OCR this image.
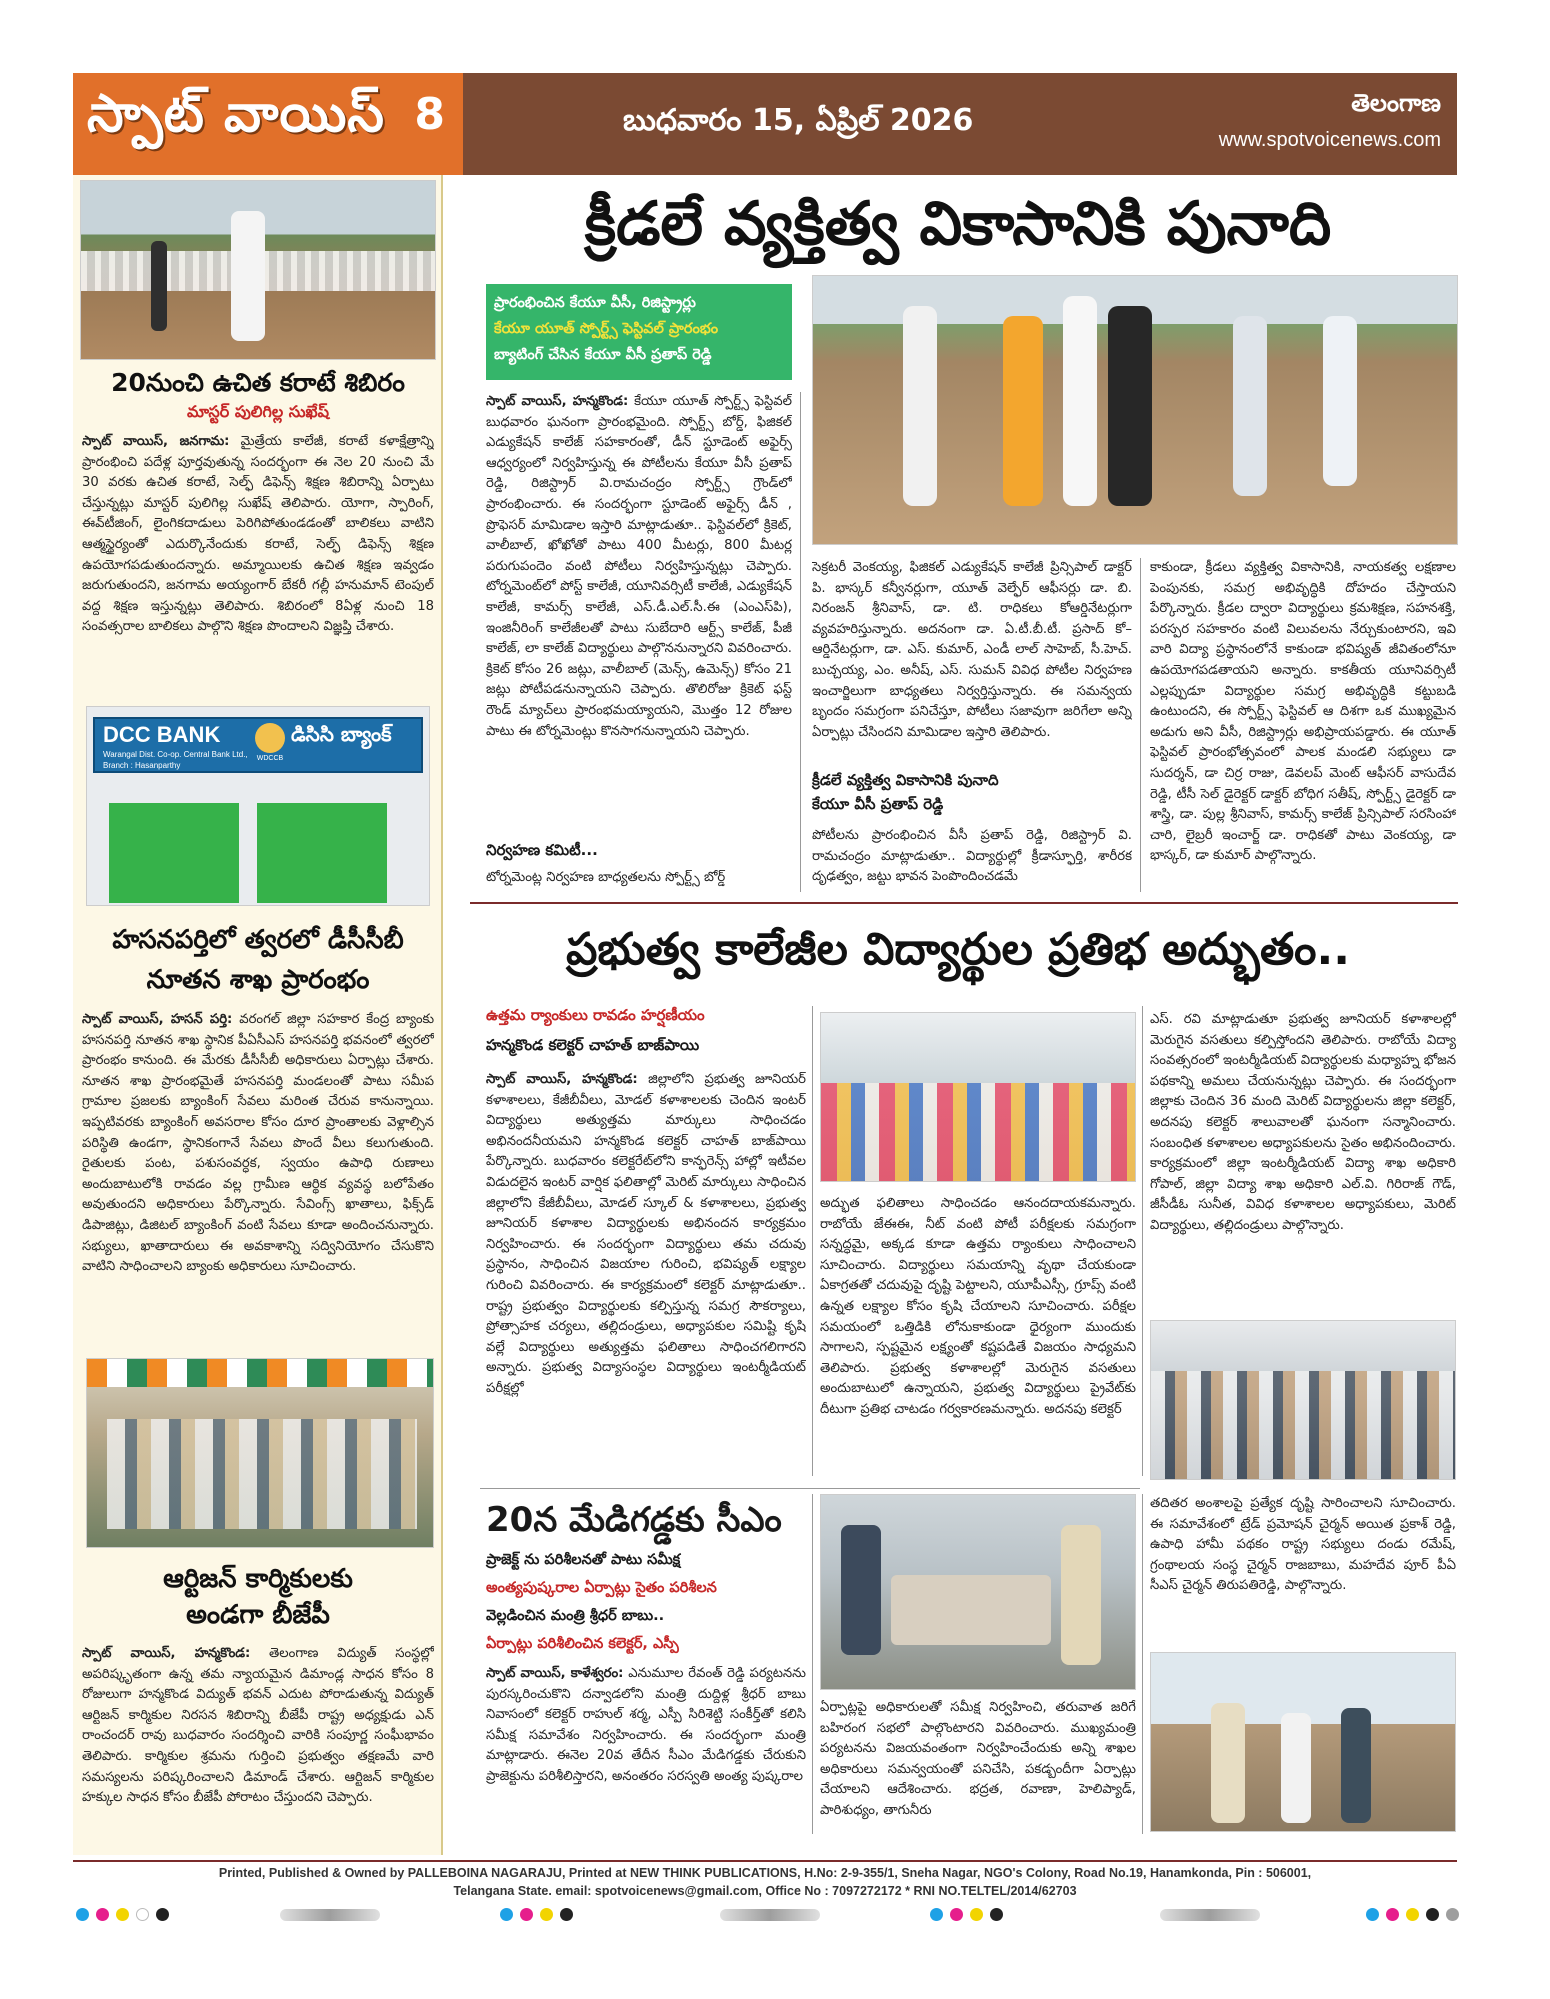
స్పాట్ వాయిస్ 8	బుధవారం 15, ఏప్రిల్ 2026	తెలంగాణ
www.spotvoicenews.com
20నుంచి ఉచిత కరాటే శిబిరం
మాస్టర్ పులిగిల్ల సుఖేష్
స్పాట్ వాయిస్, జనగామ: మైత్రేయ కాలేజీ, కరాటే కళాక్షేత్రాన్ని ప్రారంభించి పదేళ్ల పూర్తవుతున్న సందర్భంగా ఈ నెల 20 నుంచి మే 30 వరకు ఉచిత కరాటే, సెల్ఫ్ డిఫెన్స్ శిక్షణ శిబిరాన్ని ఏర్పాటు చేస్తున్నట్లు మాస్టర్ పులిగిల్ల సుఖేష్ తెలిపారు. యోగా, స్పారింగ్, ఈవ్‌టీజింగ్, లైంగికదాడులు పెరిగిపోతుండడంతో బాలికలు వాటిని ఆత్మస్థైర్యంతో ఎదుర్కొనేందుకు కరాటే, సెల్ఫ్ డిఫెన్స్ శిక్షణ ఉపయోగపడుతుందన్నారు. అమ్మాయిలకు ఉచిత శిక్షణ ఇవ్వడం జరుగుతుందని, జనగామ అయ్యంగార్ బేకరీ గల్లీ హనుమాన్ టెంపుల్ వద్ద శిక్షణ ఇస్తున్నట్లు తెలిపారు. శిబిరంలో 8ఏళ్ల నుంచి 18 సంవత్సరాల బాలికలు పాల్గొని శిక్షణ పొందాలని విజ్ఞప్తి చేశారు.
DCC BANK	డిసిసి బ్యాంక్
Warangal Dist. Co-op. Central Bank Ltd.,
Branch : Hasanparthy
WDCCB
హసనపర్తిలో త్వరలో డీసీసీబీ
నూతన శాఖ ప్రారంభం
స్పాట్ వాయిస్, హసన్ పర్తి: వరంగల్ జిల్లా సహకార కేంద్ర బ్యాంకు హసనపర్తి నూతన శాఖ స్థానిక పీఏసీఎస్ హసనపర్తి భవనంలో త్వరలో ప్రారంభం కానుంది. ఈ మేరకు డీసీసీబీ అధికారులు ఏర్పాట్లు చేశారు. నూతన శాఖ ప్రారంభమైతే హసనపర్తి మండలంతో పాటు సమీప గ్రామాల ప్రజలకు బ్యాంకింగ్ సేవలు మరింత చేరువ కానున్నాయి. ఇప్పటివరకు బ్యాంకింగ్ అవసరాల కోసం దూర ప్రాంతాలకు వెళ్లాల్సిన పరిస్థితి ఉండగా, స్థానికంగానే సేవలు పొందే వీలు కలుగుతుంది. రైతులకు పంట, పశుసంవర్ధక, స్వయం ఉపాధి రుణాలు అందుబాటులోకి రావడం వల్ల గ్రామీణ ఆర్థిక వ్యవస్థ బలోపేతం అవుతుందని అధికారులు పేర్కొన్నారు. సేవింగ్స్ ఖాతాలు, ఫిక్స్‌డ్ డిపాజిట్లు, డిజిటల్ బ్యాంకింగ్ వంటి సేవలు కూడా అందించనున్నారు. సభ్యులు, ఖాతాదారులు ఈ అవకాశాన్ని సద్వినియోగం చేసుకొని వాటిని సాధించాలని బ్యాంకు అధికారులు సూచించారు.
ఆర్టిజన్ కార్మికులకు
అండగా బీజేపీ
స్పాట్ వాయిస్, హన్మకొండ: తెలంగాణ విద్యుత్ సంస్థల్లో అపరిష్కృతంగా ఉన్న తమ న్యాయమైన డిమాండ్ల సాధన కోసం 8 రోజులుగా హన్మకొండ విద్యుత్ భవన్ ఎదుట పోరాడుతున్న విద్యుత్ ఆర్టిజన్ కార్మికుల నిరసన శిబిరాన్ని బీజేపీ రాష్ట్ర అధ్యక్షుడు ఎన్ రాంచందర్ రావు బుధవారం సందర్శించి వారికి సంపూర్ణ సంఘీభావం తెలిపారు. కార్మికుల శ్రమను గుర్తించి ప్రభుత్వం తక్షణమే వారి సమస్యలను పరిష్కరించాలని డిమాండ్ చేశారు. ఆర్టిజన్ కార్మికుల హక్కుల సాధన కోసం బీజేపీ పోరాటం చేస్తుందని చెప్పారు.
క్రీడలే వ్యక్తిత్వ వికాసానికి పునాది
ప్రారంభించిన కేయూ వీసీ, రిజిస్ట్రార్లు
కేయూ యూత్ స్పోర్ట్స్ ఫెస్టివల్ ప్రారంభం
బ్యాటింగ్ చేసిన కేయూ వీసీ ప్రతాప్ రెడ్డి
స్పాట్ వాయిస్, హన్మకొండ: కేయూ యూత్ స్పోర్ట్స్ ఫెస్టివల్ బుధవారం ఘనంగా ప్రారంభమైంది. స్పోర్ట్స్ బోర్డ్, ఫిజికల్ ఎడ్యుకేషన్ కాలేజ్ సహకారంతో, డీన్ స్టూడెంట్ అఫైర్స్ ఆధ్వర్యంలో నిర్వహిస్తున్న ఈ పోటీలను కేయూ వీసీ ప్రతాప్ రెడ్డి, రిజిస్ట్రార్ వి.రామచంద్రం స్పోర్ట్స్ గ్రౌండ్‌లో ప్రారంభించారు. ఈ సందర్భంగా స్టూడెంట్ అఫైర్స్ డీన్ , ప్రొఫెసర్ మామిడాల ఇస్తారి మాట్లాడుతూ.. ఫెస్టివల్‌లో క్రికెట్, వాలీబాల్, ఖోఖోతో పాటు 400 మీటర్లు, 800 మీటర్ల పరుగుపందెం వంటి పోటీలు నిర్వహిస్తున్నట్లు చెప్పారు. టోర్నమెంట్‌లో పోస్ట్ కాలేజీ, యూనివర్సిటీ కాలేజీ, ఎడ్యుకేషన్ కాలేజీ, కామర్స్ కాలేజీ, ఎస్.డీ.ఎల్.సీ.ఈ (ఎంఎస్‌పి), ఇంజినీరింగ్ కాలేజీలతో పాటు సుబేదారి ఆర్ట్స్ కాలేజ్, పీజీ కాలేజ్, లా కాలేజ్ విద్యార్థులు పాల్గొననున్నారని వివరించారు. క్రికెట్ కోసం 26 జట్లు, వాలీబాల్ (మెన్స్, ఉమెన్స్) కోసం 21 జట్లు పోటీపడనున్నాయని చెప్పారు. తొలిరోజు క్రికెట్ ఫస్ట్ రౌండ్ మ్యాచ్‌లు ప్రారంభమయ్యాయని, మొత్తం 12 రోజుల పాటు ఈ టోర్నమెంట్లు కొనసాగనున్నాయని చెప్పారు.
నిర్వహణ కమిటీ...
టోర్నమెంట్ల నిర్వహణ బాధ్యతలను స్పోర్ట్స్ బోర్డ్
సెక్రటరీ వెంకయ్య, ఫిజికల్ ఎడ్యుకేషన్ కాలేజీ ప్రిన్సిపాల్ డాక్టర్ పి. భాస్కర్ కన్వీనర్లుగా, యూత్ వెల్ఫేర్ ఆఫీసర్లు డా. బి. నిరంజన్ శ్రీనివాస్, డా. టి. రాధికలు కోఆర్డినేటర్లుగా వ్యవహరిస్తున్నారు. అదనంగా డా. ఏ.టీ.బీ.టీ. ప్రసాద్ కో–ఆర్డినేటర్లుగా, డా. ఎస్. కుమార్, ఎండీ లాల్ సాహెబ్, సీ.హెచ్. బుచ్చయ్య, ఎం. అనీష్, ఎస్. సుమన్ వివిధ పోటీల నిర్వహణ ఇంచార్జిలుగా బాధ్యతలు నిర్వర్తిస్తున్నారు. ఈ సమన్వయ బృందం సమగ్రంగా పనిచేస్తూ, పోటీలు సజావుగా జరిగేలా అన్ని ఏర్పాట్లు చేసిందని మామిడాల ఇస్తారి తెలిపారు.
క్రీడలే వ్యక్తిత్వ వికాసానికి పునాది
కేయూ వీసీ ప్రతాప్ రెడ్డి
పోటీలను ప్రారంభించిన వీసీ ప్రతాప్ రెడ్డి, రిజిస్ట్రార్ వి. రామచంద్రం మాట్లాడుతూ.. విద్యార్థుల్లో క్రీడాస్ఫూర్తి, శారీరక దృఢత్వం, జట్టు భావన పెంపొందించడమే
కాకుండా, క్రీడలు వ్యక్తిత్వ వికాసానికి, నాయకత్వ లక్షణాల పెంపునకు, సమగ్ర అభివృద్ధికి దోహదం చేస్తాయని పేర్కొన్నారు. క్రీడల ద్వారా విద్యార్థులు క్రమశిక్షణ, సహనశక్తి, పరస్పర సహకారం వంటి విలువలను నేర్చుకుంటారని, ఇవి వారి విద్యా ప్రస్థానంలోనే కాకుండా భవిష్యత్ జీవితంలోనూ ఉపయోగపడతాయని అన్నారు. కాకతీయ యూనివర్సిటీ ఎల్లప్పుడూ విద్యార్థుల సమగ్ర అభివృద్ధికి కట్టుబడి ఉంటుందని, ఈ స్పోర్ట్స్ ఫెస్టివల్ ఆ దిశగా ఒక ముఖ్యమైన అడుగు అని వీసీ, రిజిస్ట్రార్లు అభిప్రాయపడ్డారు. ఈ యూత్ ఫెస్టివల్ ప్రారంభోత్సవంలో పాలక మండలి సభ్యులు డా సుదర్శన్, డా చిర్ర రాజు, డెవలప్ మెంట్ ఆఫీసర్ వాసుదేవ రెడ్డి, టీసీ సెల్ డైరెక్టర్ డాక్టర్ బోధిగ సతీష్, స్పోర్ట్స్ డైరెక్టర్ డా శాస్త్రి, డా. పుల్ల శ్రీనివాస్, కామర్స్ కాలేజ్ ప్రిన్సిపాల్ సరసింహా చారి, లైబ్రరీ ఇంచార్జ్ డా. రాధికతో పాటు వెంకయ్య, డా భాస్కర్, డా కుమార్ పాల్గొన్నారు.
ప్రభుత్వ కాలేజీల విద్యార్థుల ప్రతిభ అద్భుతం..
ఉత్తమ ర్యాంకులు రావడం హర్షణీయం
హన్మకొండ కలెక్టర్ చాహత్ బాజ్‌పాయి
స్పాట్ వాయిస్, హన్మకొండ: జిల్లాలోని ప్రభుత్వ జూనియర్ కళాశాలలు, కేజీబీవీలు, మోడల్ కళాశాలలకు చెందిన ఇంటర్ విద్యార్థులు అత్యుత్తమ మార్కులు సాధించడం అభినందనీయమని హన్మకొండ కలెక్టర్ చాహత్ బాజ్‌పాయి పేర్కొన్నారు. బుధవారం కలెక్టరేట్‌లోని కాన్ఫరెన్స్ హాల్లో ఇటీవల విడుదలైన ఇంటర్ వార్షిక ఫలితాల్లో మెరిట్ మార్కులు సాధించిన జిల్లాలోని కేజీబీవీలు, మోడల్ స్కూల్ & కళాశాలలు, ప్రభుత్వ జూనియర్ కళాశాల విద్యార్థులకు అభినందన కార్యక్రమం నిర్వహించారు. ఈ సందర్భంగా విద్యార్థులు తమ చదువు ప్రస్థానం, సాధించిన విజయాల గురించి, భవిష్యత్ లక్ష్యాల గురించి వివరించారు. ఈ కార్యక్రమంలో కలెక్టర్ మాట్లాడుతూ.. రాష్ట్ర ప్రభుత్వం విద్యార్థులకు కల్పిస్తున్న సమగ్ర సౌకర్యాలు, ప్రోత్సాహక చర్యలు, తల్లిదండ్రులు, అధ్యాపకుల సమిష్టి కృషి వల్లే విద్యార్థులు అత్యుత్తమ ఫలితాలు సాధించగలిగారని అన్నారు. ప్రభుత్వ విద్యాసంస్థల విద్యార్థులు ఇంటర్మీడియట్ పరీక్షల్లో
అద్భుత ఫలితాలు సాధించడం ఆనందదాయకమన్నారు. రాబోయే జేఈఈ, నీట్ వంటి పోటీ పరీక్షలకు సమగ్రంగా సన్నద్ధమై, అక్కడ కూడా ఉత్తమ ర్యాంకులు సాధించాలని సూచించారు. విద్యార్థులు సమయాన్ని వృథా చేయకుండా ఏకాగ్రతతో చదువుపై దృష్టి పెట్టాలని, యూపీఎస్సీ, గ్రూప్స్ వంటి ఉన్నత లక్ష్యాల కోసం కృషి చేయాలని సూచించారు. పరీక్షల సమయంలో ఒత్తిడికి లోనుకాకుండా ధైర్యంగా ముందుకు సాగాలని, స్పష్టమైన లక్ష్యంతో కష్టపడితే విజయం సాధ్యమని తెలిపారు. ప్రభుత్వ కళాశాలల్లో మెరుగైన వసతులు అందుబాటులో ఉన్నాయని, ప్రభుత్వ విద్యార్థులు ప్రైవేట్‌కు దీటుగా ప్రతిభ చాటడం గర్వకారణమన్నారు. అదనపు కలెక్టర్
ఎస్. రవి మాట్లాడుతూ ప్రభుత్వ జూనియర్ కళాశాలల్లో మెరుగైన వసతులు కల్పిస్తోందని తెలిపారు. రాబోయే విద్యా సంవత్సరంలో ఇంటర్మీడియట్ విద్యార్థులకు మధ్యాహ్న భోజన పథకాన్ని అమలు చేయనున్నట్లు చెప్పారు. ఈ సందర్భంగా జిల్లాకు చెందిన 36 మంది మెరిట్ విద్యార్థులను జిల్లా కలెక్టర్, అదనపు కలెక్టర్ శాలువాలతో ఘనంగా సన్మానించారు. సంబంధిత కళాశాలల అధ్యాపకులను సైతం అభినందించారు. కార్యక్రమంలో జిల్లా ఇంటర్మీడియట్ విద్యా శాఖ అధికారి గోపాల్, జిల్లా విద్యా శాఖ అధికారి ఎల్.వి. గిరిరాజ్ గౌడ్, జీసీడీఓ సునీత, వివిధ కళాశాలల అధ్యాపకులు, మెరిట్ విద్యార్థులు, తల్లిదండ్రులు పాల్గొన్నారు.
20న మేడిగడ్డకు సీఎం
ప్రాజెక్ట్ ను పరిశీలనతో పాటు సమీక్ష
అంత్యపుష్కరాల ఏర్పాట్లు సైతం పరిశీలన
వెల్లడించిన మంత్రి శ్రీధర్ బాబు..
ఏర్పాట్లు పరిశీలించిన కలెక్టర్, ఎస్పీ
స్పాట్ వాయిస్, కాళేశ్వరం: ఎనుమూల రేవంత్ రెడ్డి పర్యటనను పురస్కరించుకొని దన్వాడలోని మంత్రి దుద్దిళ్ల శ్రీధర్ బాబు నివాసంలో కలెక్టర్ రాహుల్ శర్మ, ఎస్పీ సిరిశెట్టి సంకీర్త్‌తో కలిసి సమీక్ష సమావేశం నిర్వహించారు. ఈ సందర్భంగా మంత్రి మాట్లాడారు. ఈనెల 20వ తేదీన సీఎం మేడిగడ్డకు చేరుకుని ప్రాజెక్టును పరిశీలిస్తారని, అనంతరం సరస్వతి అంత్య పుష్కరాల
ఏర్పాట్లపై అధికారులతో సమీక్ష నిర్వహించి, తరువాత జరిగే బహిరంగ సభలో పాల్గొంటారని వివరించారు. ముఖ్యమంత్రి పర్యటనను విజయవంతంగా నిర్వహించేందుకు అన్ని శాఖల అధికారులు సమన్వయంతో పనిచేసి, పకడ్బందీగా ఏర్పాట్లు చేయాలని ఆదేశించారు. భద్రత, రవాణా, హెలిప్యాడ్, పారిశుధ్యం, తాగునీరు
తదితర అంశాలపై ప్రత్యేక దృష్టి సారించాలని సూచించారు. ఈ సమావేశంలో ట్రేడ్ ప్రమోషన్ చైర్మన్ అయిత ప్రకాశ్ రెడ్డి, ఉపాధి హామీ పథకం రాష్ట్ర సభ్యులు దండు రమేష్, గ్రంథాలయ సంస్థ చైర్మన్ రాజబాబు, మహదేవ పూర్ పీఏ సీఎస్ చైర్మన్ తిరుపతిరెడ్డి, పాల్గొన్నారు.
Printed, Published & Owned by PALLEBOINA NAGARAJU, Printed at NEW THINK PUBLICATIONS, H.No: 2-9-355/1, Sneha Nagar, NGO's Colony, Road No.19, Hanamkonda, Pin : 506001,
Telangana State. email: spotvoicenews@gmail.com, Office No : 7097272172 * RNI NO.TELTEL/2014/62703
